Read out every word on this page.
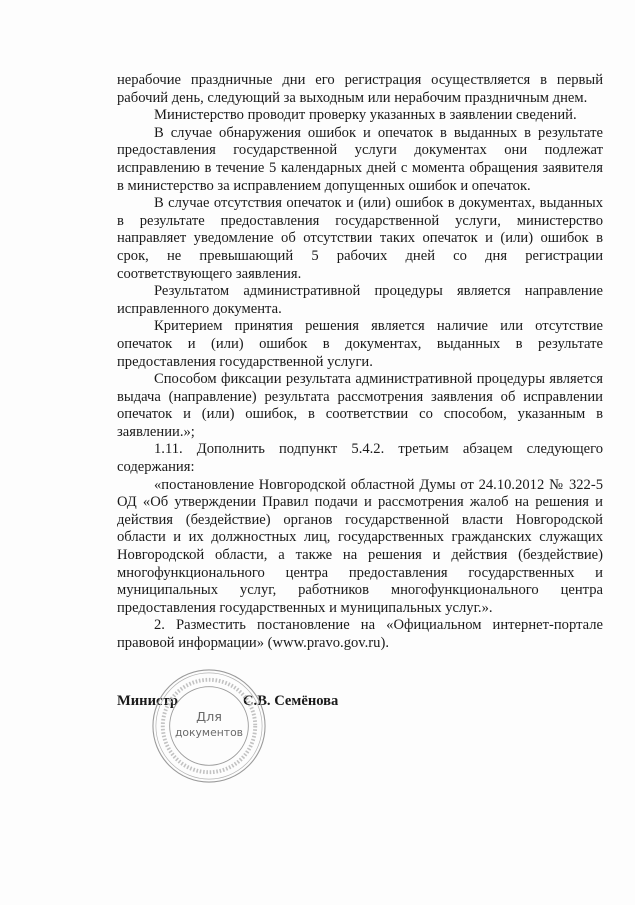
нерабочие праздничные дни его регистрация осуществляется в первый рабочий день, следующий за выходным или нерабочим праздничным днем.

Министерство проводит проверку указанных в заявлении сведений.

В случае обнаружения ошибок и опечаток в выданных в результате предоставления государственной услуги документах они подлежат исправлению в течение 5 календарных дней с момента обращения заявителя в министерство за исправлением допущенных ошибок и опечаток.

В случае отсутствия опечаток и (или) ошибок в документах, выданных в результате предоставления государственной услуги, министерство направляет уведомление об отсутствии таких опечаток и (или) ошибок в срок, не превышающий 5 рабочих дней со дня регистрации соответствующего заявления.

Результатом административной процедуры является направление исправленного документа.

Критерием принятия решения является наличие или отсутствие опечаток и (или) ошибок в документах, выданных в результате предоставления государственной услуги.

Способом фиксации результата административной процедуры является выдача (направление) результата рассмотрения заявления об исправлении опечаток и (или) ошибок, в соответствии со способом, указанным в заявлении.»;

1.11. Дополнить подпункт 5.4.2. третьим абзацем следующего содержания:

«постановление Новгородской областной Думы от 24.10.2012 № 322-5 ОД «Об утверждении Правил подачи и рассмотрения жалоб на решения и действия (бездействие) органов государственной власти Новгородской области и их должностных лиц, государственных гражданских служащих Новгородской области, а также на решения и действия (бездействие) многофункционального центра предоставления государственных и муниципальных услуг, работников многофункционального центра предоставления государственных и муниципальных услуг.».

2. Разместить постановление на «Официальном интернет-портале правовой информации» (www.pravo.gov.ru).

Министр	С.В. Семёнова
Для
документов
